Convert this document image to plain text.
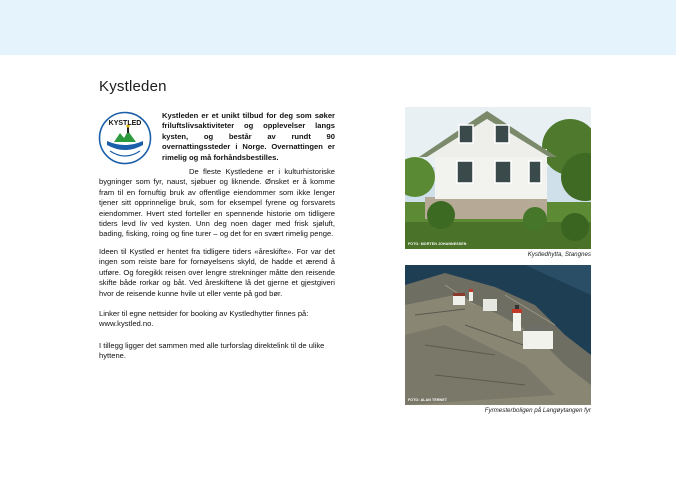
Kystleden
KYSTLED
Kystleden er et unikt tilbud for deg som søker friluftslivsaktiviteter og opplevelser langs kysten, og består av rundt 90 overnattingssteder i Norge. Overnattingen er rimelig og må forhåndsbestilles.
De fleste Kystledene er i kulturhistoriske bygninger som fyr, naust, sjøbuer og liknende. Ønsket er å komme fram til en fornuftig bruk av offentlige eiendommer som ikke lenger tjener sitt opprinnelige bruk, som for eksempel fyrene og forsvarets eiendommer. Hvert sted forteller en spennende historie om tidligere tiders levd liv ved kysten. Unn deg noen dager med frisk sjøluft, bading, fisking, roing og fine turer – og det for en svært rimelig penge.
Ideen til Kystled er hentet fra tidligere tiders «åreskifte». For var det ingen som reiste bare for fornøyelsens skyld, de hadde et ærend å utføre. Og foregikk reisen over lengre strekninger måtte den reisende skifte både rorkar og båt. Ved åreskiftene lå det gjerne et gjestgiveri hvor de reisende kunne hvile ut eller vente på god bør.
Linker til egne nettsider for booking av Kystledhytter finnes på: www.kystled.no.
I tillegg ligger det sammen med alle turforslag direktelink til de ulike hyttene.
FOTO: MORTEN JOHANNESSEN
Kystledhytta, Stangnes
FOTO: ALAN TERNET
Fyrmesterboligen på Langøytangen fyr
